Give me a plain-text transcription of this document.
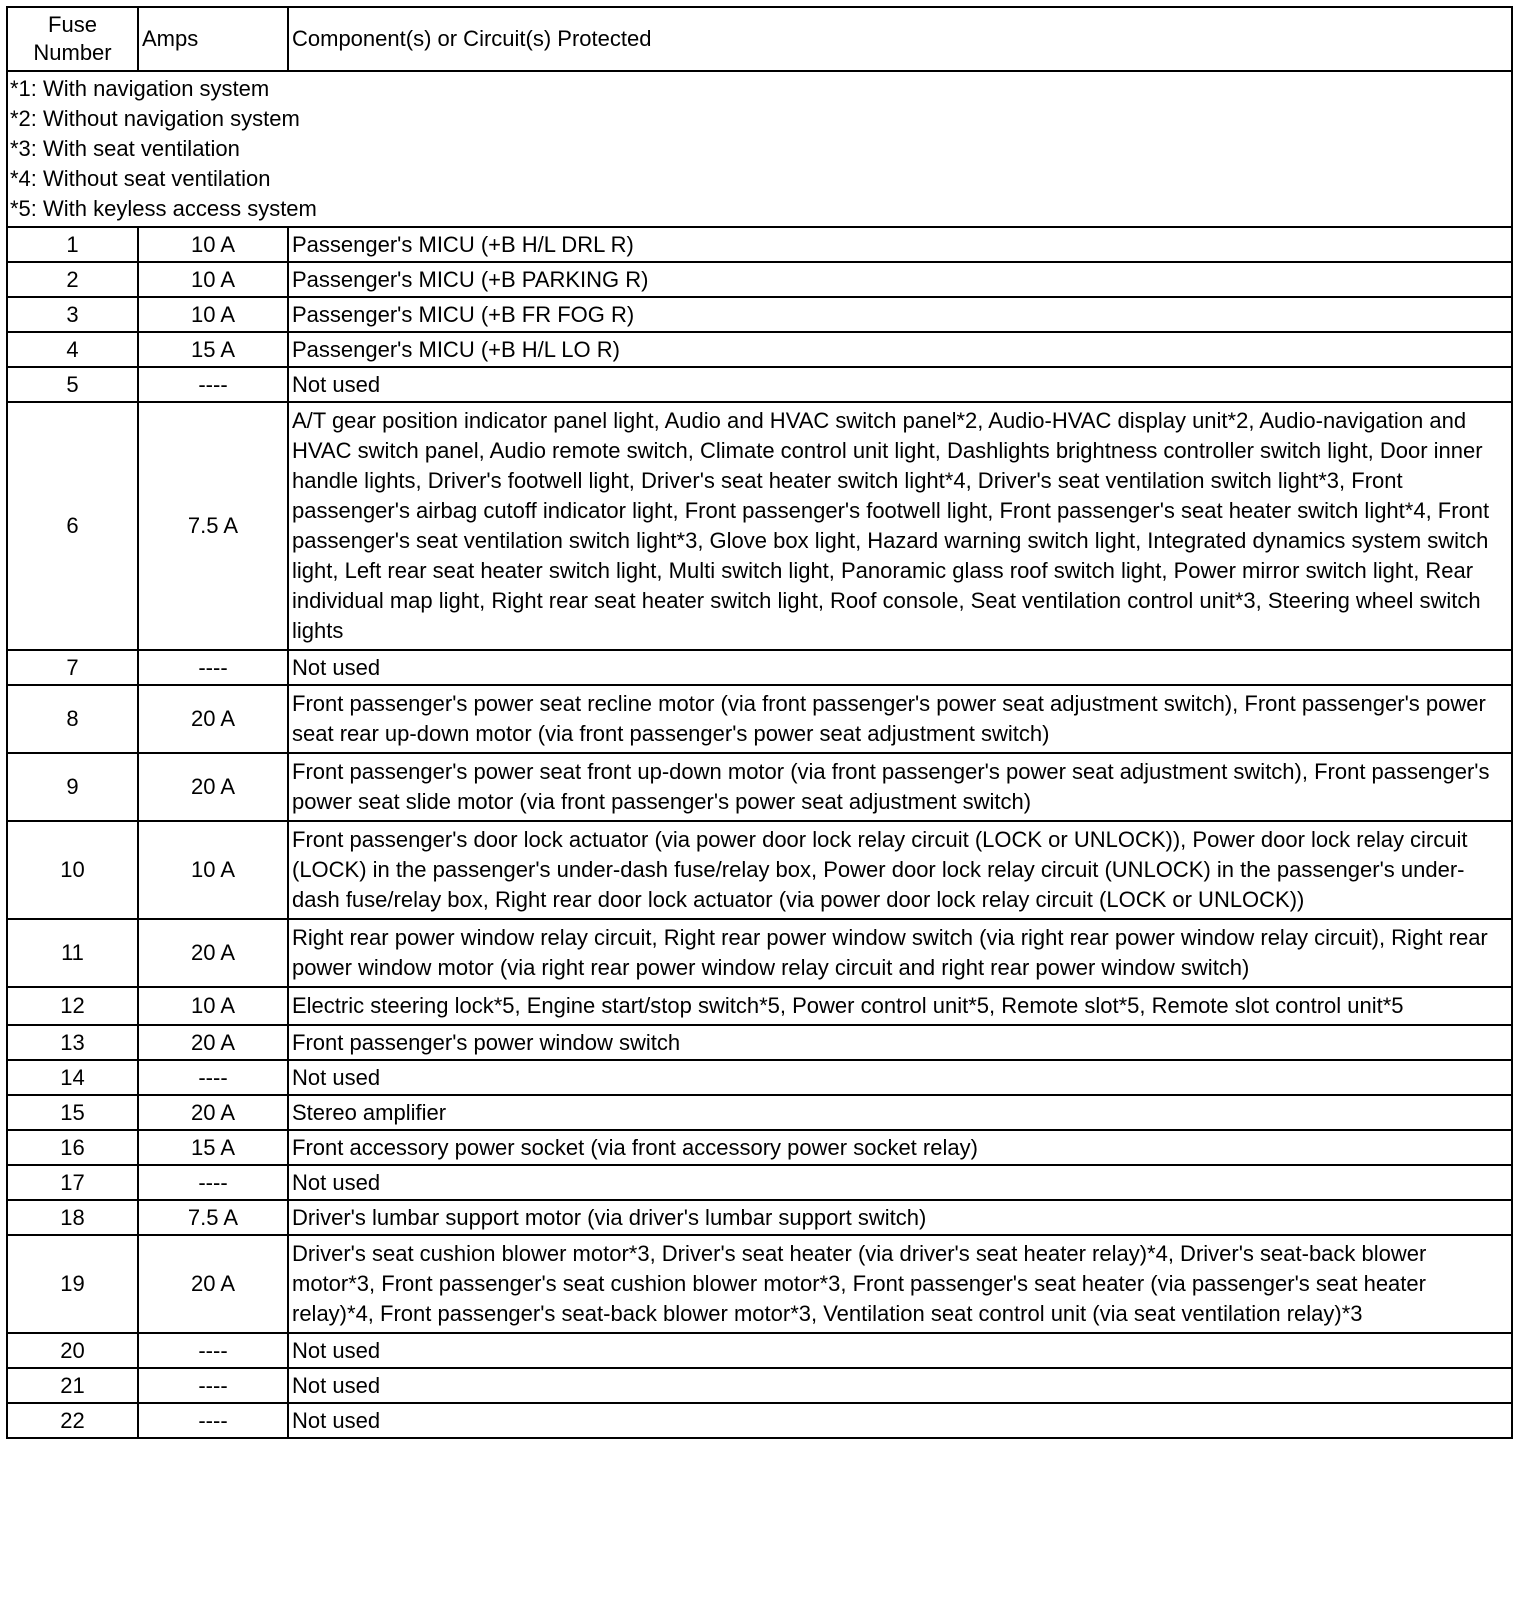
Fuse Number	Amps	Component(s) or Circuit(s) Protected

*1: With navigation system
*2: Without navigation system
*3: With seat ventilation
*4: Without seat ventilation
*5: With keyless access system		

1	10 A	Passenger's MICU (+B H/L DRL R)
2	10 A	Passenger's MICU (+B PARKING R)
3	10 A	Passenger's MICU (+B FR FOG R)
4	15 A	Passenger's MICU (+B H/L LO R)
5	----	Not used
6	7.5 A	A/T gear position indicator panel light, Audio and HVAC switch panel*2, Audio-HVAC display unit*2, Audio-navigation and HVAC switch panel, Audio remote switch, Climate control unit light, Dashlights brightness controller switch light, Door inner handle lights, Driver's footwell light, Driver's seat heater switch light*4, Driver's seat ventilation switch light*3, Front passenger's airbag cutoff indicator light, Front passenger's footwell light, Front passenger's seat heater switch light*4, Front passenger's seat ventilation switch light*3, Glove box light, Hazard warning switch light, Integrated dynamics system switch light, Left rear seat heater switch light, Multi switch light, Panoramic glass roof switch light, Power mirror switch light, Rear individual map light, Right rear seat heater switch light, Roof console, Seat ventilation control unit*3, Steering wheel switch lights
7	----	Not used
8	20 A	Front passenger's power seat recline motor (via front passenger's power seat adjustment switch), Front passenger's power seat rear up-down motor (via front passenger's power seat adjustment switch)
9	20 A	Front passenger's power seat front up-down motor (via front passenger's power seat adjustment switch), Front passenger's power seat slide motor (via front passenger's power seat adjustment switch)
10	10 A	Front passenger's door lock actuator (via power door lock relay circuit (LOCK or UNLOCK)), Power door lock relay circuit (LOCK) in the passenger's under-dash fuse/relay box, Power door lock relay circuit (UNLOCK) in the passenger's under-dash fuse/relay box, Right rear door lock actuator (via power door lock relay circuit (LOCK or UNLOCK))
11	20 A	Right rear power window relay circuit, Right rear power window switch (via right rear power window relay circuit), Right rear power window motor (via right rear power window relay circuit and right rear power window switch)
12	10 A	Electric steering lock*5, Engine start/stop switch*5, Power control unit*5, Remote slot*5, Remote slot control unit*5
13	20 A	Front passenger's power window switch
14	----	Not used
15	20 A	Stereo amplifier
16	15 A	Front accessory power socket (via front accessory power socket relay)
17	----	Not used
18	7.5 A	Driver's lumbar support motor (via driver's lumbar support switch)
19	20 A	Driver's seat cushion blower motor*3, Driver's seat heater (via driver's seat heater relay)*4, Driver's seat-back blower motor*3, Front passenger's seat cushion blower motor*3, Front passenger's seat heater (via passenger's seat heater relay)*4, Front passenger's seat-back blower motor*3, Ventilation seat control unit (via seat ventilation relay)*3
20	----	Not used
21	----	Not used
22	----	Not used
